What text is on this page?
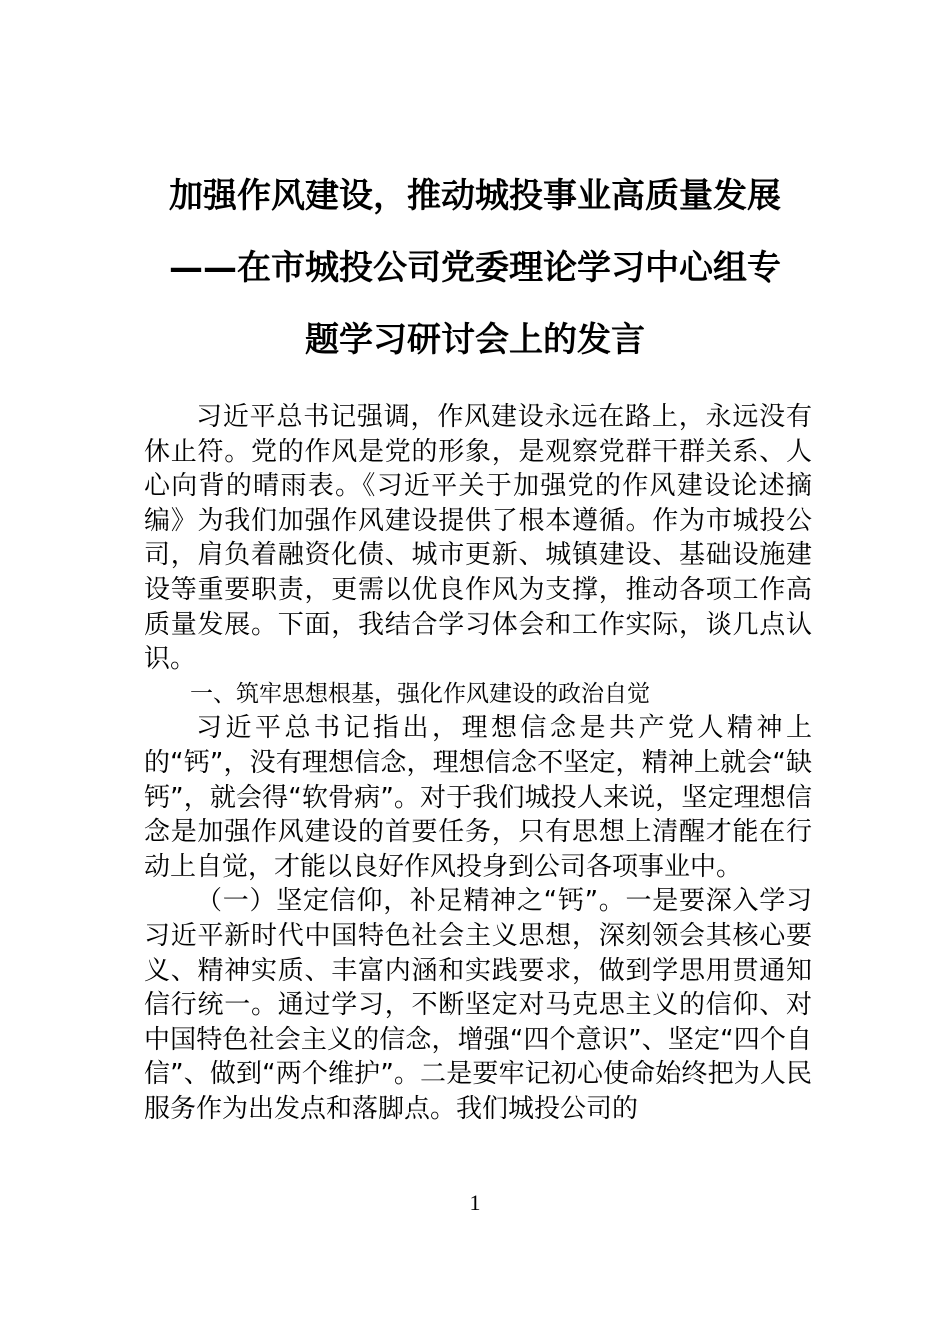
加强作风建设，推动城投事业高质量发展
——在市城投公司党委理论学习中心组专
题学习研讨会上的发言

习近平总书记强调，作风建设永远在路上，永远没有休止符。党的作风是党的形象，是观察党群干群关系、人心向背的晴雨表。《习近平关于加强党的作风建设论述摘编》为我们加强作风建设提供了根本遵循。作为市城投公司，肩负着融资化债、城市更新、城镇建设、基础设施建设等重要职责，更需以优良作风为支撑，推动各项工作高质量发展。下面，我结合学习体会和工作实际，谈几点认识。

一、筑牢思想根基，强化作风建设的政治自觉

习近平总书记指出，理想信念是共产党人精神上的“钙”，没有理想信念，理想信念不坚定，精神上就会“缺钙”，就会得“软骨病”。对于我们城投人来说，坚定理想信念是加强作风建设的首要任务，只有思想上清醒才能在行动上自觉，才能以良好作风投身到公司各项事业中。

（一）坚定信仰，补足精神之“钙”。一是要深入学习习近平新时代中国特色社会主义思想，深刻领会其核心要义、精神实质、丰富内涵和实践要求，做到学思用贯通知信行统一。通过学习，不断坚定对马克思主义的信仰、对中国特色社会主义的信念，增强“四个意识”、坚定“四个自信”、做到“两个维护”。二是要牢记初心使命始终把为人民服务作为出发点和落脚点。我们城投公司的

1
